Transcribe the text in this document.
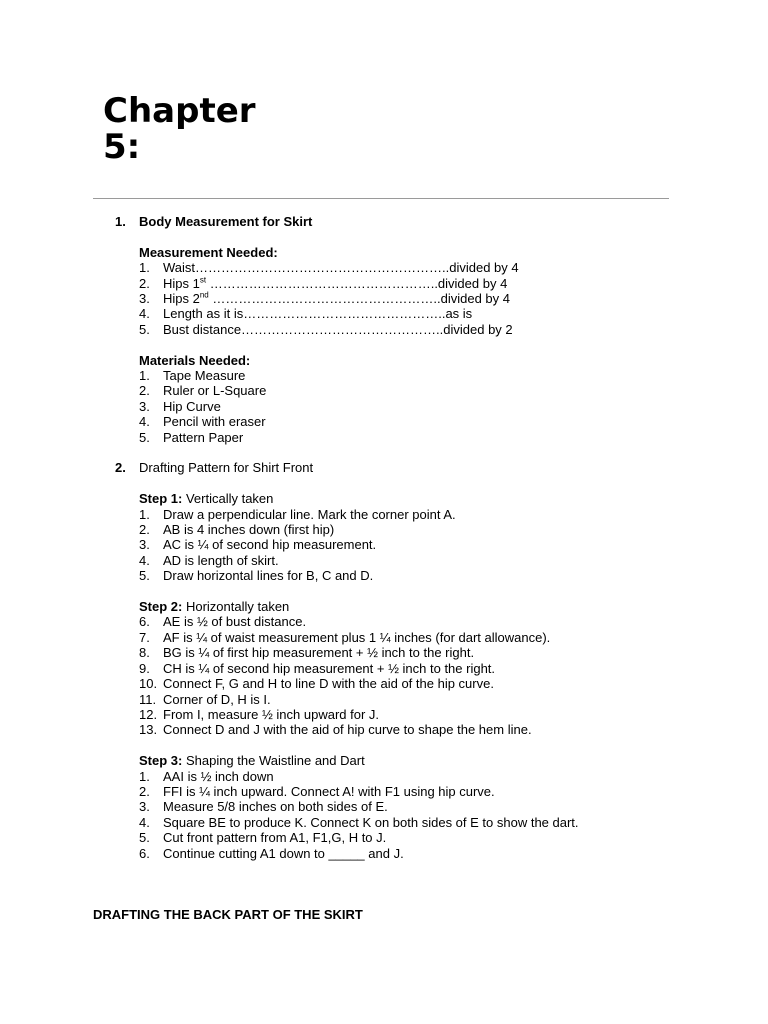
Chapter 5:
1. Body Measurement for Skirt
Measurement Needed:
1. Waist…………………………………………………..divided by 4
2. Hips 1st ……………………………………………..divided by 4
3. Hips 2nd ……………………………………………..divided by 4
4. Length as it is………………………………………..as is
5. Bust distance………………………………………..divided by 2
Materials Needed:
1. Tape Measure
2. Ruler or L-Square
3. Hip Curve
4. Pencil with eraser
5. Pattern Paper
2. Drafting Pattern for Shirt Front
Step 1: Vertically taken
1. Draw a perpendicular line. Mark the corner point A.
2. AB is 4 inches down (first hip)
3. AC is ¼ of second hip measurement.
4. AD is length of skirt.
5. Draw horizontal lines for B, C and D.
Step 2: Horizontally taken
6. AE is ½ of bust distance.
7. AF is ¼ of waist measurement plus 1 ¼ inches (for dart allowance).
8. BG is ¼ of first hip measurement + ½ inch to the right.
9. CH is ¼ of second hip measurement + ½ inch to the right.
10. Connect F, G and H to line D with the aid of the hip curve.
11. Corner of D, H is I.
12. From I, measure ½ inch upward for J.
13. Connect D and J with the aid of hip curve to shape the hem line.
Step 3: Shaping the Waistline and Dart
1. AAI is ½ inch down
2. FFI is ¼ inch upward. Connect A! with F1 using hip curve.
3. Measure 5/8 inches on both sides of E.
4. Square BE to produce K. Connect K on both sides of E to show the dart.
5. Cut front pattern from A1, F1,G, H to J.
6. Continue cutting A1 down to _____ and J.
DRAFTING THE BACK PART OF THE SKIRT
